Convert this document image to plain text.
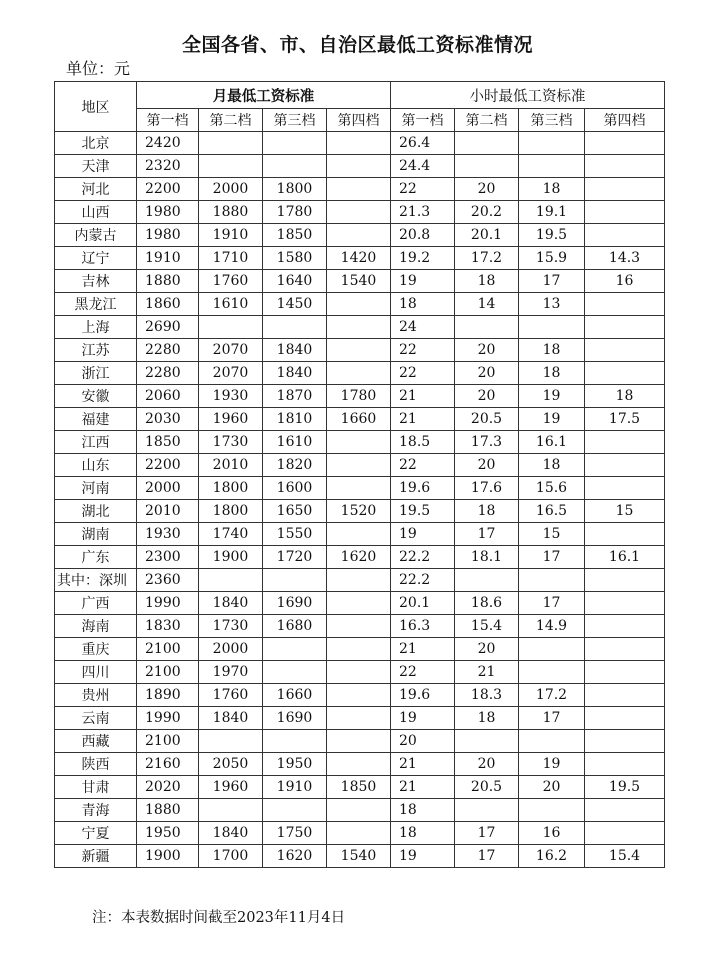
全国各省、市、自治区最低工资标准情况
单位：元
地区	月最低工资标准				小时最低工资标准			
	第一档	第二档	第三档	第四档	第一档	第二档	第三档	第四档
北京	2420				26.4			
天津	2320				24.4			
河北	2200	2000	1800		22	20	18	
山西	1980	1880	1780		21.3	20.2	19.1	
内蒙古	1980	1910	1850		20.8	20.1	19.5	
辽宁	1910	1710	1580	1420	19.2	17.2	15.9	14.3
吉林	1880	1760	1640	1540	19	18	17	16
黑龙江	1860	1610	1450		18	14	13	
上海	2690				24			
江苏	2280	2070	1840		22	20	18	
浙江	2280	2070	1840		22	20	18	
安徽	2060	1930	1870	1780	21	20	19	18
福建	2030	1960	1810	1660	21	20.5	19	17.5
江西	1850	1730	1610		18.5	17.3	16.1	
山东	2200	2010	1820		22	20	18	
河南	2000	1800	1600		19.6	17.6	15.6	
湖北	2010	1800	1650	1520	19.5	18	16.5	15
湖南	1930	1740	1550		19	17	15	
广东	2300	1900	1720	1620	22.2	18.1	17	16.1
其中：深圳	2360				22.2			
广西	1990	1840	1690		20.1	18.6	17	
海南	1830	1730	1680		16.3	15.4	14.9	
重庆	2100	2000			21	20		
四川	2100	1970			22	21		
贵州	1890	1760	1660		19.6	18.3	17.2	
云南	1990	1840	1690		19	18	17	
西藏	2100				20			
陕西	2160	2050	1950		21	20	19	
甘肃	2020	1960	1910	1850	21	20.5	20	19.5
青海	1880				18			
宁夏	1950	1840	1750		18	17	16	
新疆	1900	1700	1620	1540	19	17	16.2	15.4
注：本表数据时间截至2023年11月4日
